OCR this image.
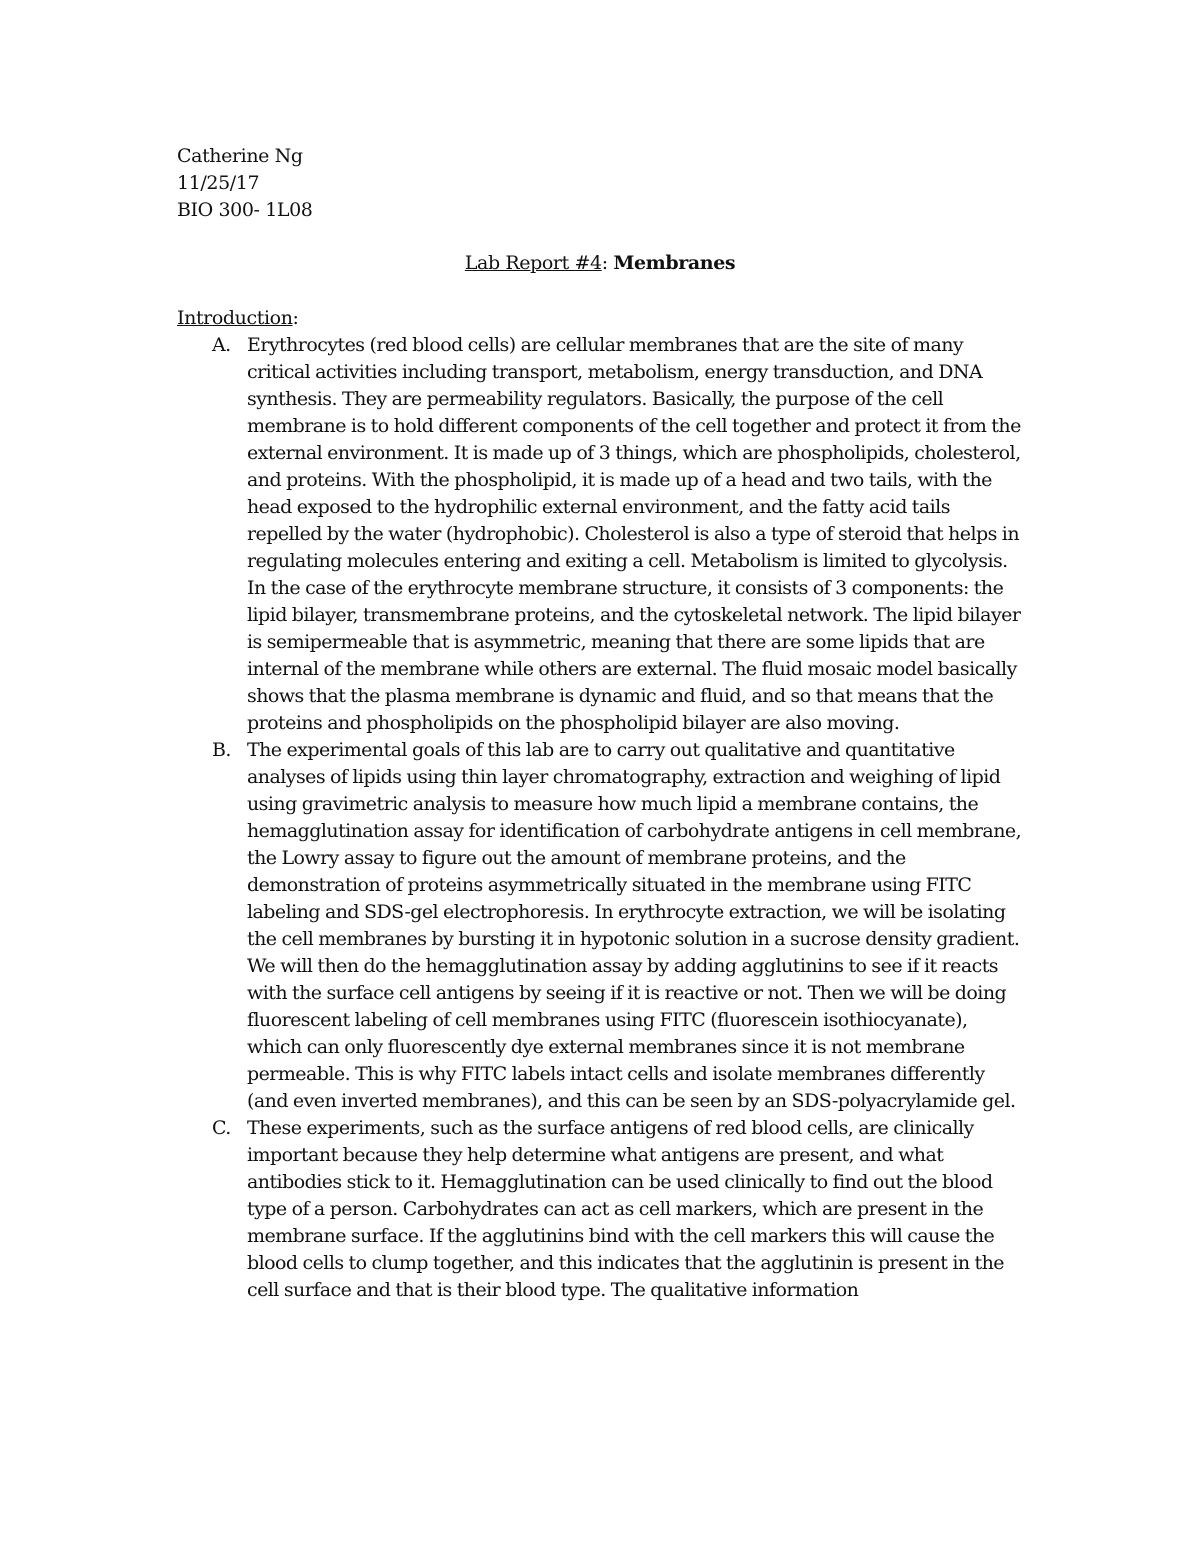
Catherine Ng
11/25/17
BIO 300- 1L08
Lab Report #4: Membranes
Introduction:
A. Erythrocytes (red blood cells) are cellular membranes that are the site of many critical activities including transport, metabolism, energy transduction, and DNA synthesis. They are permeability regulators. Basically, the purpose of the cell membrane is to hold different components of the cell together and protect it from the external environment. It is made up of 3 things, which are phospholipids, cholesterol, and proteins. With the phospholipid, it is made up of a head and two tails, with the head exposed to the hydrophilic external environment, and the fatty acid tails repelled by the water (hydrophobic). Cholesterol is also a type of steroid that helps in regulating molecules entering and exiting a cell. Metabolism is limited to glycolysis. In the case of the erythrocyte membrane structure, it consists of 3 components: the lipid bilayer, transmembrane proteins, and the cytoskeletal network. The lipid bilayer is semipermeable that is asymmetric, meaning that there are some lipids that are internal of the membrane while others are external. The fluid mosaic model basically shows that the plasma membrane is dynamic and fluid, and so that means that the proteins and phospholipids on the phospholipid bilayer are also moving.
B. The experimental goals of this lab are to carry out qualitative and quantitative analyses of lipids using thin layer chromatography, extraction and weighing of lipid using gravimetric analysis to measure how much lipid a membrane contains, the hemagglutination assay for identification of carbohydrate antigens in cell membrane, the Lowry assay to figure out the amount of membrane proteins, and the demonstration of proteins asymmetrically situated in the membrane using FITC labeling and SDS-gel electrophoresis. In erythrocyte extraction, we will be isolating the cell membranes by bursting it in hypotonic solution in a sucrose density gradient. We will then do the hemagglutination assay by adding agglutinins to see if it reacts with the surface cell antigens by seeing if it is reactive or not. Then we will be doing fluorescent labeling of cell membranes using FITC (fluorescein isothiocyanate), which can only fluorescently dye external membranes since it is not membrane permeable. This is why FITC labels intact cells and isolate membranes differently (and even inverted membranes), and this can be seen by an SDS-polyacrylamide gel.
C. These experiments, such as the surface antigens of red blood cells, are clinically important because they help determine what antigens are present, and what antibodies stick to it. Hemagglutination can be used clinically to find out the blood type of a person. Carbohydrates can act as cell markers, which are present in the membrane surface. If the agglutinins bind with the cell markers this will cause the blood cells to clump together, and this indicates that the agglutinin is present in the cell surface and that is their blood type. The qualitative information
